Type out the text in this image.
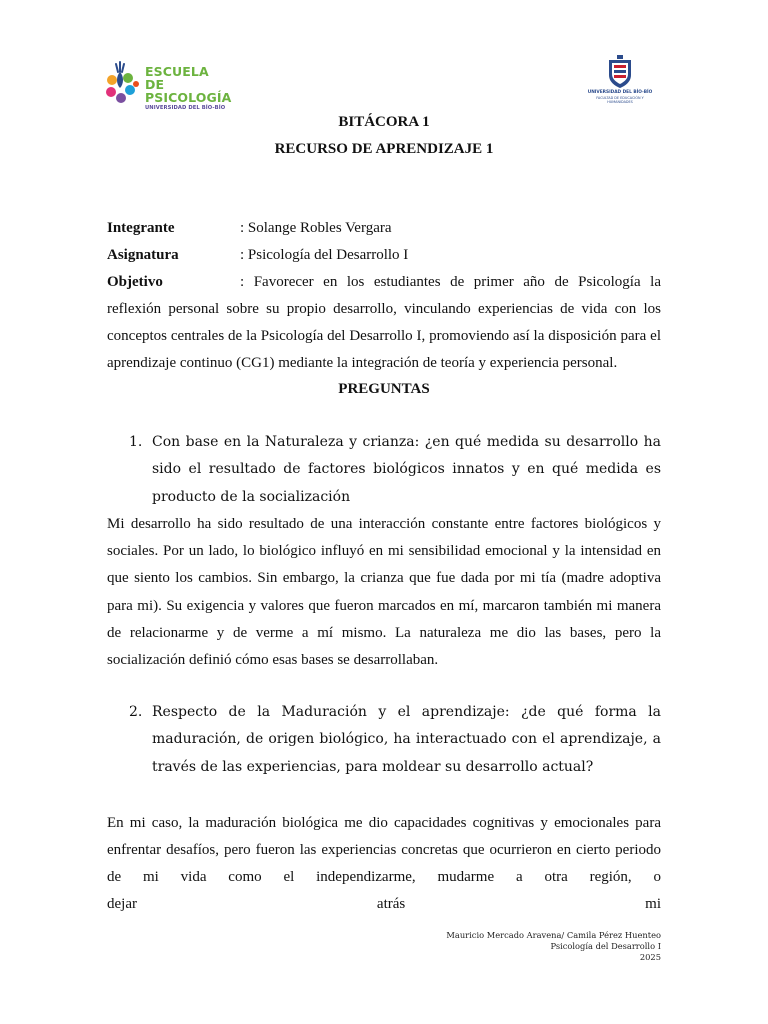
ESCUELA DE
PSICOLOGÍA
UNIVERSIDAD DEL BÍO-BÍO
UNIVERSIDAD DEL BÍO-BÍO
FACULTAD DE EDUCACIÓN Y HUMANIDADES
BITÁCORA 1
RECURSO DE APRENDIZAJE 1
Integrante	: Solange Robles Vergara
Asignatura	: Psicología del Desarrollo I
Objetivo	: Favorecer en los estudiantes de primer año de Psicología la reflexión personal sobre su propio desarrollo, vinculando experiencias de vida con los conceptos centrales de la Psicología del Desarrollo I, promoviendo así la disposición para el aprendizaje continuo (CG1) mediante la integración de teoría y experiencia personal.
PREGUNTAS
1. Con base en la Naturaleza y crianza: ¿en qué medida su desarrollo ha sido el resultado de factores biológicos innatos y en qué medida es producto de la socialización
Mi desarrollo ha sido resultado de una interacción constante entre factores biológicos y sociales. Por un lado, lo biológico influyó en mi sensibilidad emocional y la intensidad en que siento los cambios. Sin embargo, la crianza que fue dada por mi tía (madre adoptiva para mi). Su exigencia y valores que fueron marcados en mí, marcaron también mi manera de relacionarme y de verme a mí mismo. La naturaleza me dio las bases, pero la socialización definió cómo esas bases se desarrollaban.
2. Respecto de la Maduración y el aprendizaje: ¿de qué forma la maduración, de origen biológico, ha interactuado con el aprendizaje, a través de las experiencias, para moldear su desarrollo actual?
En mi caso, la maduración biológica me dio capacidades cognitivas y emocionales para
enfrentar desafíos, pero fueron las experiencias concretas que ocurrieron en cierto periodo
de mi vida como el independizarme, mudarme a otra región, o dejar atrás mi
Mauricio Mercado Aravena/ Camila Pérez Huenteo
Psicología del Desarrollo I
2025
